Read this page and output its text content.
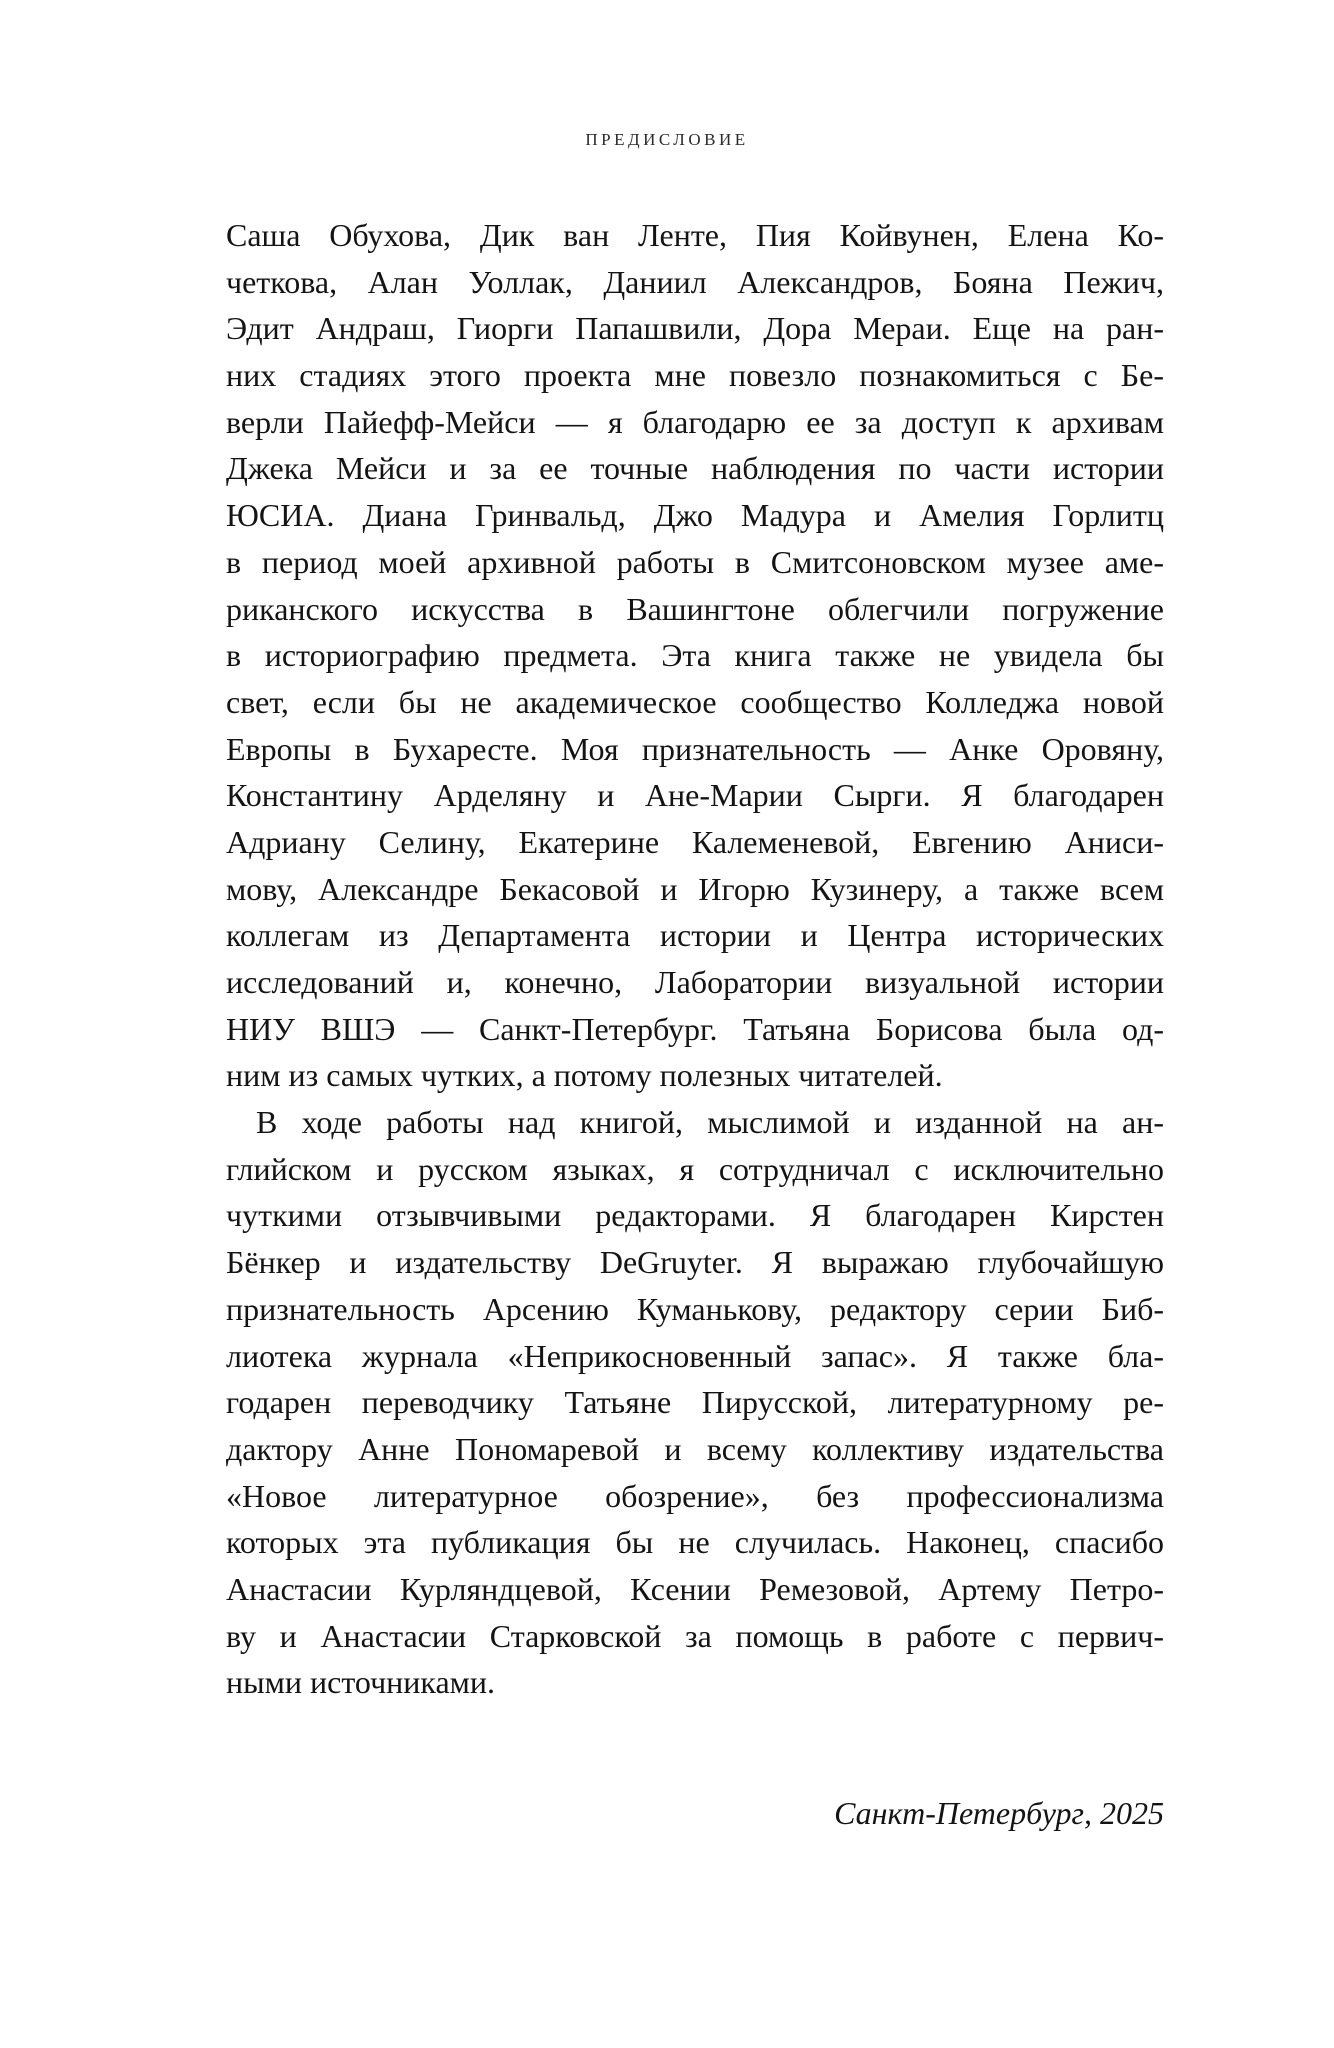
ПРЕДИСЛОВИЕ
Саша Обухова, Дик ван Ленте, Пия Койвунен, Елена Ко-
четкова, Алан Уоллак, Даниил Александров, Бояна Пежич,
Эдит Андраш, Гиорги Папашвили, Дора Мераи. Еще на ран-
них стадиях этого проекта мне повезло познакомиться с Бе-
верли Пайефф-Мейси — я благодарю ее за доступ к архивам
Джека Мейси и за ее точные наблюдения по части истории
ЮСИА. Диана Гринвальд, Джо Мадура и Амелия Горлитц
в период моей архивной работы в Смитсоновском музее аме-
риканского искусства в Вашингтоне облегчили погружение
в историографию предмета. Эта книга также не увидела бы
свет, если бы не академическое сообщество Колледжа новой
Европы в Бухаресте. Моя признательность — Анке Оровяну,
Константину Арделяну и Ане-Марии Сырги. Я благодарен
Адриану Селину, Екатерине Калеменевой, Евгению Аниси-
мову, Александре Бекасовой и Игорю Кузинеру, а также всем
коллегам из Департамента истории и Центра исторических
исследований и, конечно, Лаборатории визуальной истории
НИУ ВШЭ — Санкт-Петербург. Татьяна Борисова была од-
ним из самых чутких, а потому полезных читателей.
В ходе работы над книгой, мыслимой и изданной на ан-
глийском и русском языках, я сотрудничал с исключительно
чуткими отзывчивыми редакторами. Я благодарен Кирстен
Бёнкер и издательству DeGruyter. Я выражаю глубочайшую
признательность Арсению Куманькову, редактору серии Биб-
лиотека журнала «Неприкосновенный запас». Я также бла-
годарен переводчику Татьяне Пирусской, литературному ре-
дактору Анне Пономаревой и всему коллективу издательства
«Новое литературное обозрение», без профессионализма
которых эта публикация бы не случилась. Наконец, спасибо
Анастасии Курляндцевой, Ксении Ремезовой, Артему Петро-
ву и Анастасии Старковской за помощь в работе с первич-
ными источниками.
Санкт-Петербург, 2025
